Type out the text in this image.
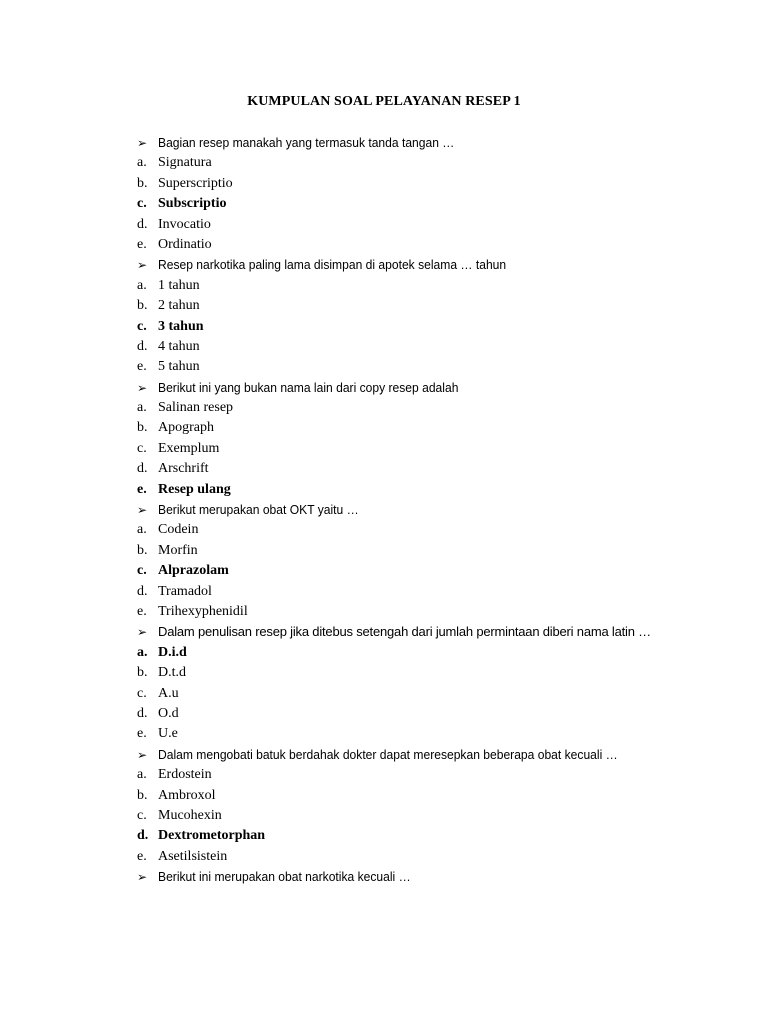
KUMPULAN SOAL PELAYANAN RESEP 1
➢ Bagian resep manakah yang termasuk tanda tangan …
a. Signatura
b. Superscriptio
c. Subscriptio
d. Invocatio
e. Ordinatio
➢ Resep narkotika paling lama disimpan di apotek selama … tahun
a. 1 tahun
b. 2 tahun
c. 3 tahun
d. 4 tahun
e. 5 tahun
➢ Berikut ini yang bukan nama lain dari copy resep adalah
a. Salinan resep
b. Apograph
c. Exemplum
d. Arschrift
e. Resep ulang
➢ Berikut merupakan obat OKT yaitu …
a. Codein
b. Morfin
c. Alprazolam
d. Tramadol
e. Trihexyphenidil
➢ Dalam penulisan resep jika ditebus setengah dari jumlah permintaan diberi nama latin …
a. D.i.d
b. D.t.d
c. A.u
d. O.d
e. U.e
➢ Dalam mengobati batuk berdahak dokter dapat meresepkan beberapa obat kecuali …
a. Erdostein
b. Ambroxol
c. Mucohexin
d. Dextrometorphan
e. Asetilsistein
➢ Berikut ini merupakan obat narkotika kecuali …
